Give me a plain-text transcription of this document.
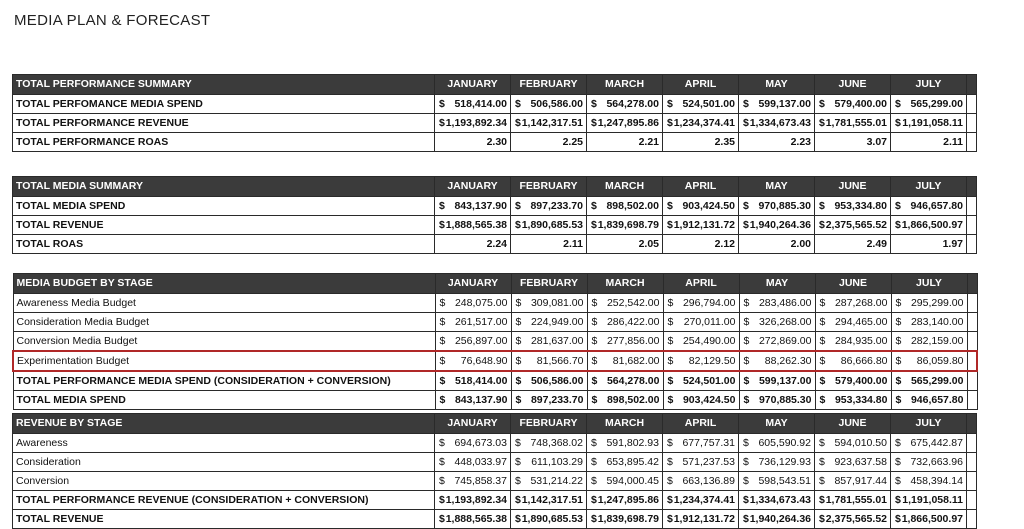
MEDIA PLAN & FORECAST
TOTAL PERFORMANCE SUMMARY	JANUARY	FEBRUARY	MARCH	APRIL	MAY	JUNE	JULY	
TOTAL PERFOMANCE MEDIA SPEND	$ 518,414.00	$ 506,586.00	$ 564,278.00	$ 524,501.00	$ 599,137.00	$ 579,400.00	$ 565,299.00	
TOTAL PERFORMANCE REVENUE	$ 1,193,892.34	$ 1,142,317.51	$ 1,247,895.86	$ 1,234,374.41	$ 1,334,673.43	$ 1,781,555.01	$ 1,191,058.11	
TOTAL PERFORMANCE ROAS	2.30	2.25	2.21	2.35	2.23	3.07	2.11	
TOTAL MEDIA SUMMARY	JANUARY	FEBRUARY	MARCH	APRIL	MAY	JUNE	JULY	
TOTAL MEDIA SPEND	$ 843,137.90	$ 897,233.70	$ 898,502.00	$ 903,424.50	$ 970,885.30	$ 953,334.80	$ 946,657.80	
TOTAL REVENUE	$ 1,888,565.38	$ 1,890,685.53	$ 1,839,698.79	$ 1,912,131.72	$ 1,940,264.36	$ 2,375,565.52	$ 1,866,500.97	
TOTAL ROAS	2.24	2.11	2.05	2.12	2.00	2.49	1.97	
MEDIA BUDGET BY STAGE	JANUARY	FEBRUARY	MARCH	APRIL	MAY	JUNE	JULY	
Awareness Media Budget	$ 248,075.00	$ 309,081.00	$ 252,542.00	$ 296,794.00	$ 283,486.00	$ 287,268.00	$ 295,299.00	
Consideration Media Budget	$ 261,517.00	$ 224,949.00	$ 286,422.00	$ 270,011.00	$ 326,268.00	$ 294,465.00	$ 283,140.00	
Conversion Media Budget	$ 256,897.00	$ 281,637.00	$ 277,856.00	$ 254,490.00	$ 272,869.00	$ 284,935.00	$ 282,159.00	
Experimentation Budget	$ 76,648.90	$ 81,566.70	$ 81,682.00	$ 82,129.50	$ 88,262.30	$ 86,666.80	$ 86,059.80	
TOTAL PERFORMANCE MEDIA SPEND (CONSIDERATION + CONVERSION)	$ 518,414.00	$ 506,586.00	$ 564,278.00	$ 524,501.00	$ 599,137.00	$ 579,400.00	$ 565,299.00	
TOTAL MEDIA SPEND	$ 843,137.90	$ 897,233.70	$ 898,502.00	$ 903,424.50	$ 970,885.30	$ 953,334.80	$ 946,657.80	
REVENUE BY STAGE	JANUARY	FEBRUARY	MARCH	APRIL	MAY	JUNE	JULY	
Awareness	$ 694,673.03	$ 748,368.02	$ 591,802.93	$ 677,757.31	$ 605,590.92	$ 594,010.50	$ 675,442.87	
Consideration	$ 448,033.97	$ 611,103.29	$ 653,895.42	$ 571,237.53	$ 736,129.93	$ 923,637.58	$ 732,663.96	
Conversion	$ 745,858.37	$ 531,214.22	$ 594,000.45	$ 663,136.89	$ 598,543.51	$ 857,917.44	$ 458,394.14	
TOTAL PERFORMANCE REVENUE (CONSIDERATION + CONVERSION)	$ 1,193,892.34	$ 1,142,317.51	$ 1,247,895.86	$ 1,234,374.41	$ 1,334,673.43	$ 1,781,555.01	$ 1,191,058.11	
TOTAL REVENUE	$ 1,888,565.38	$ 1,890,685.53	$ 1,839,698.79	$ 1,912,131.72	$ 1,940,264.36	$ 2,375,565.52	$ 1,866,500.97	
